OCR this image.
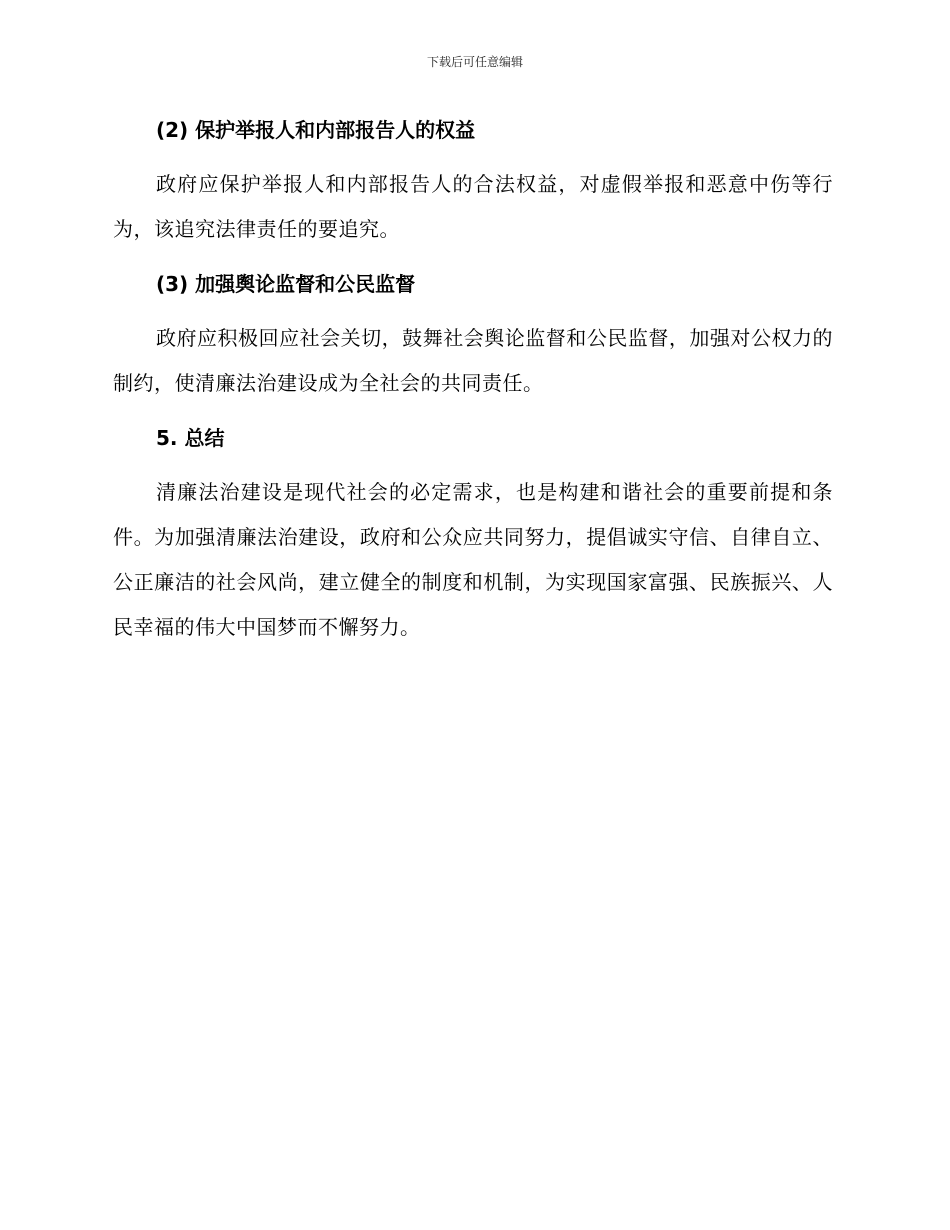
下载后可任意编辑
(2) 保护举报人和内部报告人的权益

政府应保护举报人和内部报告人的合法权益，对虚假举报和恶意中伤等行为，该追究法律责任的要追究。

(3) 加强舆论监督和公民监督

政府应积极回应社会关切，鼓舞社会舆论监督和公民监督，加强对公权力的制约，使清廉法治建设成为全社会的共同责任。

5. 总结

清廉法治建设是现代社会的必定需求，也是构建和谐社会的重要前提和条件。为加强清廉法治建设，政府和公众应共同努力，提倡诚实守信、自律自立、公正廉洁的社会风尚，建立健全的制度和机制，为实现国家富强、民族振兴、人民幸福的伟大中国梦而不懈努力。
